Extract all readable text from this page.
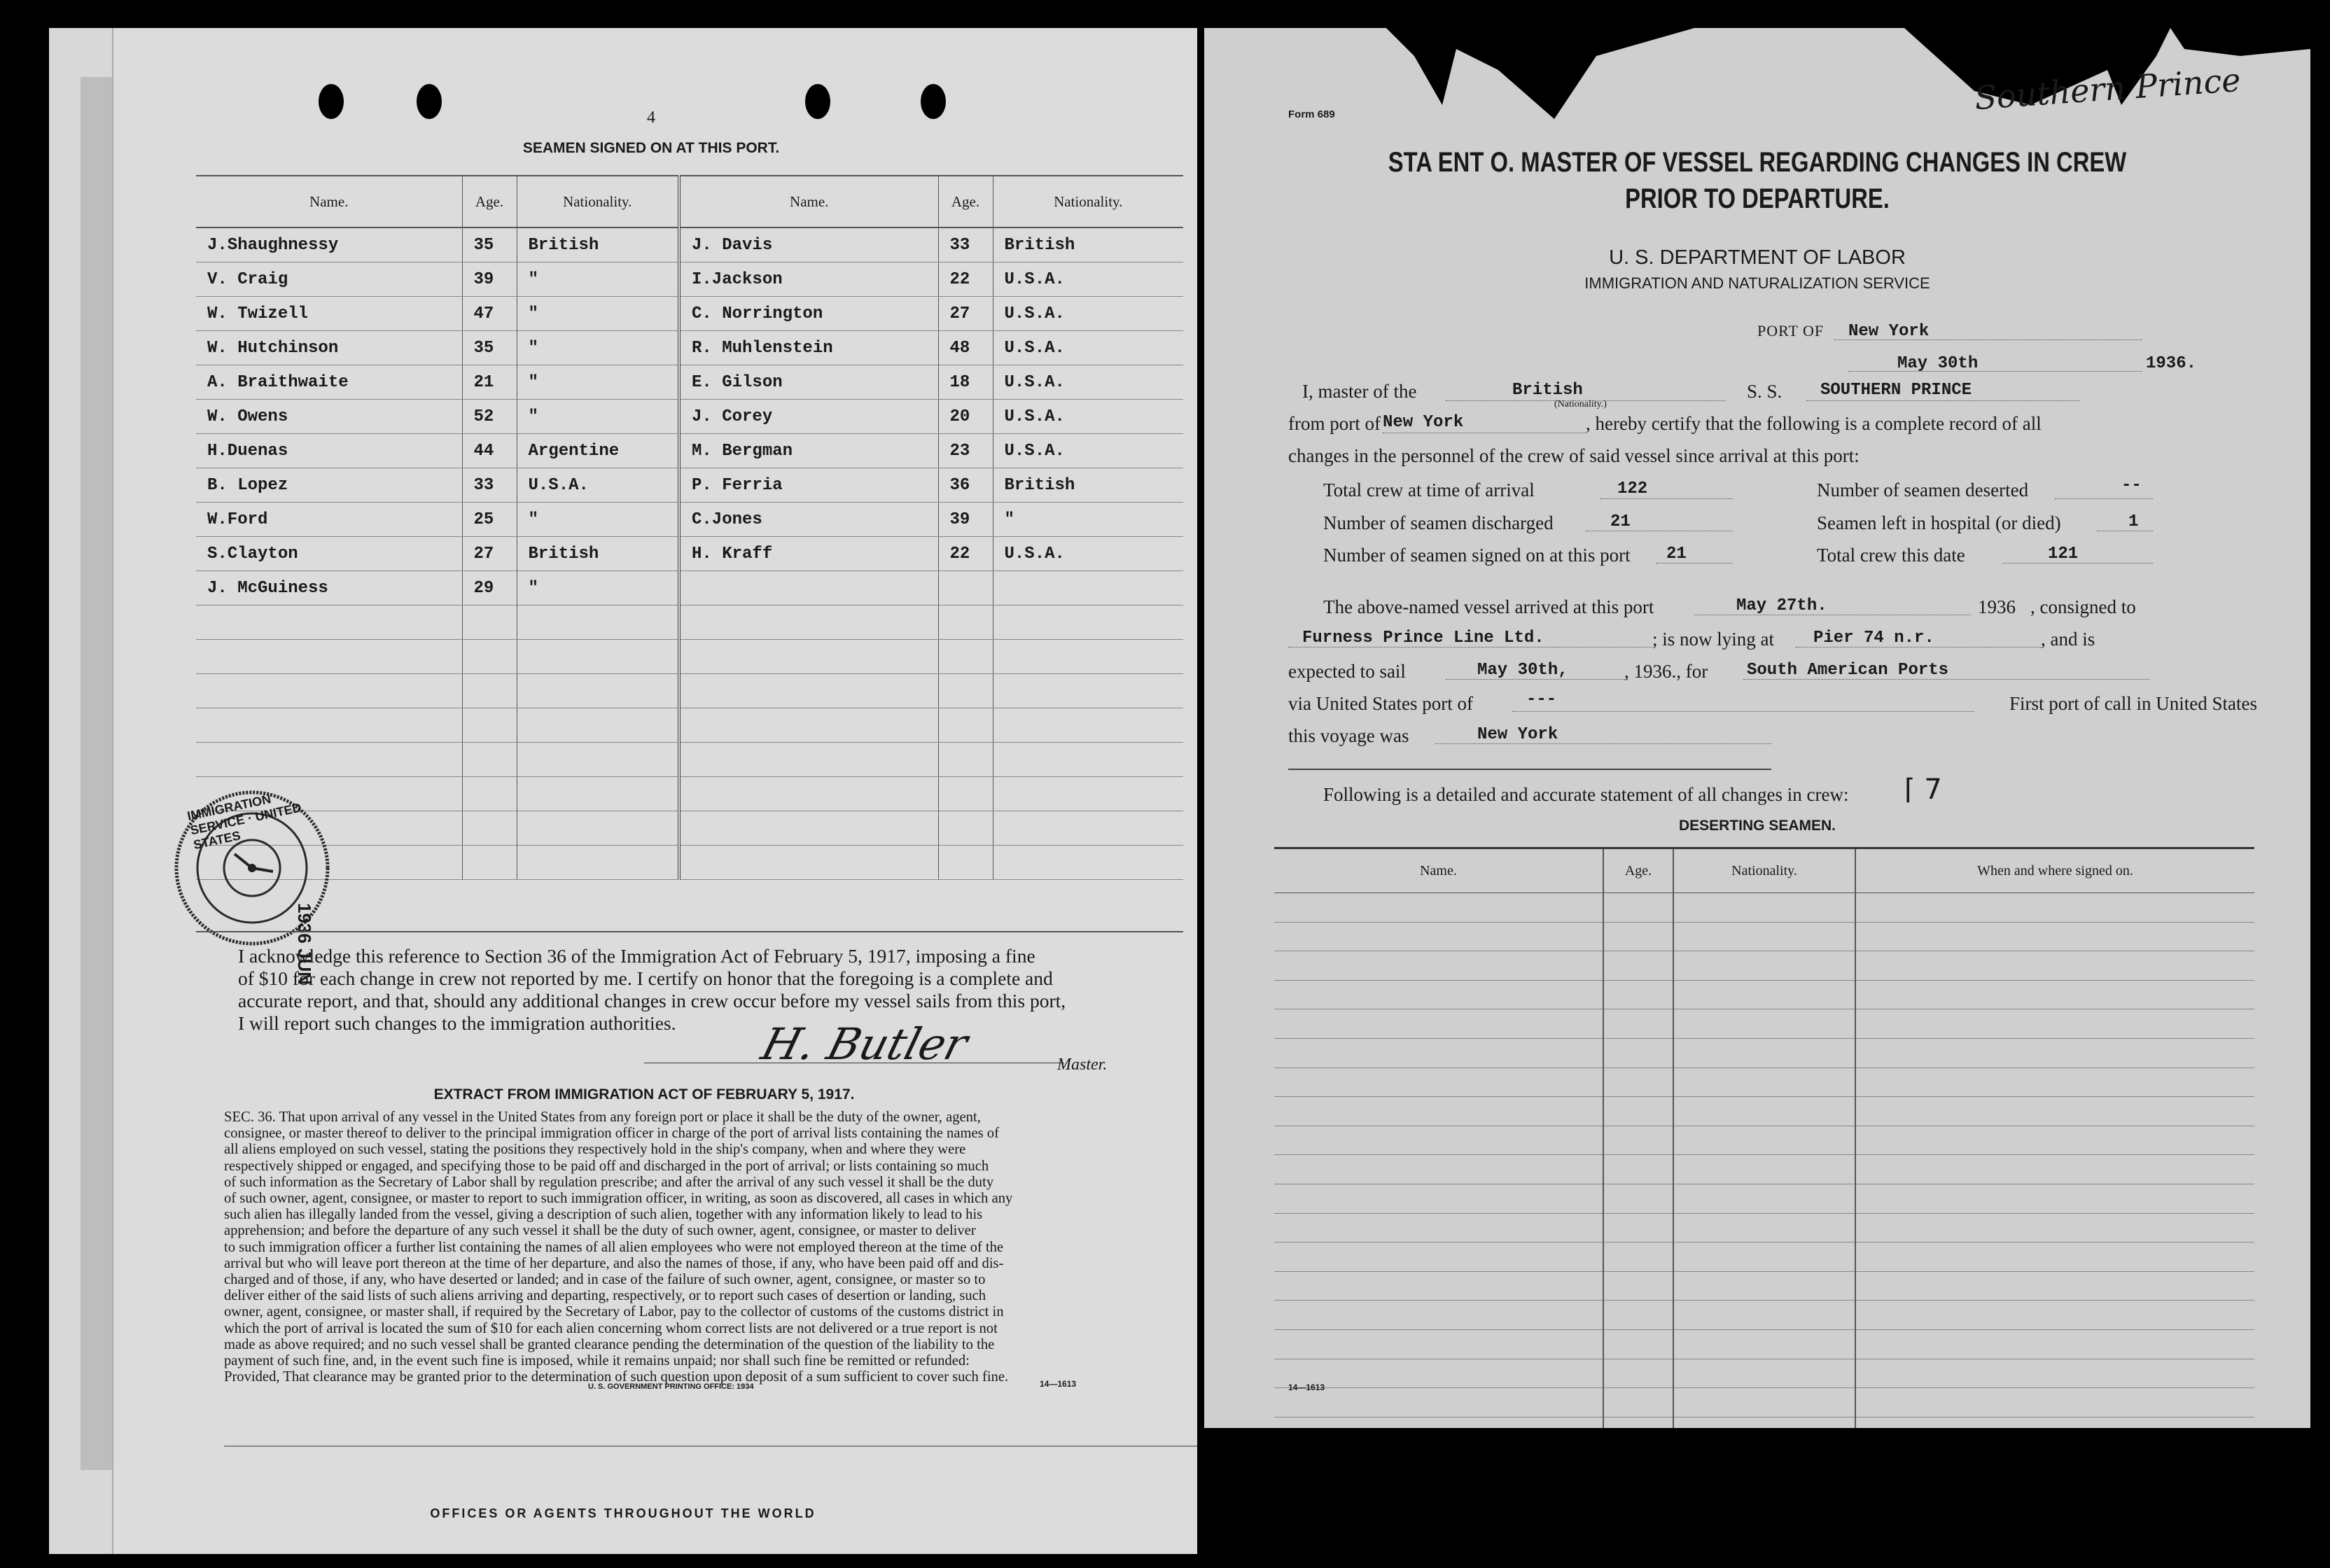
4
SEAMEN SIGNED ON AT THIS PORT.
Name.	Age.	Nationality.	Name.	Age.	Nationality.
J.Shaughnessy	35	British	J. Davis	33	British
V. Craig	39	"	I.Jackson	22	U.S.A.
W. Twizell	47	"	C. Norrington	27	U.S.A.
W. Hutchinson	35	"	R. Muhlenstein	48	U.S.A.
A. Braithwaite	21	"	E. Gilson	18	U.S.A.
W. Owens	52	"	J. Corey	20	U.S.A.
H.Duenas	44	Argentine	M. Bergman	23	U.S.A.
B. Lopez	33	U.S.A.	P. Ferria	36	British
W.Ford	25	"	C.Jones	39	"
S.Clayton	27	British	H. Kraff	22	U.S.A.
J. McGuiness	29	"			

IMMIGRATION SERVICE · UNITED STATES
1936 JUN
I acknowledge this reference to Section 36 of the Immigration Act of February 5, 1917, imposing a fine
of $10 for each change in crew not reported by me. I certify on honor that the foregoing is a complete and
accurate report, and that, should any additional changes in crew occur before my vessel sails from this port,
I will report such changes to the immigration authorities.	H. Butler	Master.
EXTRACT FROM IMMIGRATION ACT OF FEBRUARY 5, 1917.
SEC. 36. That upon arrival of any vessel in the United States from any foreign port or place it shall be the duty of the owner, agent,
consignee, or master thereof to deliver to the principal immigration officer in charge of the port of arrival lists containing the names of
all aliens employed on such vessel, stating the positions they respectively hold in the ship's company, when and where they were
respectively shipped or engaged, and specifying those to be paid off and discharged in the port of arrival; or lists containing so much
of such information as the Secretary of Labor shall by regulation prescribe; and after the arrival of any such vessel it shall be the duty
of such owner, agent, consignee, or master to report to such immigration officer, in writing, as soon as discovered, all cases in which any
such alien has illegally landed from the vessel, giving a description of such alien, together with any information likely to lead to his
apprehension; and before the departure of any such vessel it shall be the duty of such owner, agent, consignee, or master to deliver
to such immigration officer a further list containing the names of all alien employees who were not employed thereon at the time of the
arrival but who will leave port thereon at the time of her departure, and also the names of those, if any, who have been paid off and dis-
charged and of those, if any, who have deserted or landed; and in case of the failure of such owner, agent, consignee, or master so to
deliver either of the said lists of such aliens arriving and departing, respectively, or to report such cases of desertion or landing, such
owner, agent, consignee, or master shall, if required by the Secretary of Labor, pay to the collector of customs of the customs district in
which the port of arrival is located the sum of $10 for each alien concerning whom correct lists are not delivered or a true report is not
made as above required; and no such vessel shall be granted clearance pending the determination of the question of the liability to the
payment of such fine, and, in the event such fine is imposed, while it remains unpaid; nor shall such fine be remitted or refunded:
Provided, That clearance may be granted prior to the determination of such question upon deposit of a sum sufficient to cover such fine.
U. S. GOVERNMENT PRINTING OFFICE: 1934	14—1613
OFFICES OR AGENTS THROUGHOUT THE WORLD
Form 689	Southern Prince
STA ENT O. MASTER OF VESSEL REGARDING CHANGES IN CREW
PRIOR TO DEPARTURE.
U. S. DEPARTMENT OF LABOR
IMMIGRATION AND NATURALIZATION SERVICE
PORT OF New York
May 30th	1936.
I, master of the	British
(Nationality.)
S. S. SOUTHERN PRINCE
from port of New York	, hereby certify that the following is a complete record of all
changes in the personnel of the crew of said vessel since arrival at this port:
Total crew at time of arrival	122	Number of seamen deserted	--
Number of seamen discharged	21	Seamen left in hospital (or died)	1
Number of seamen signed on at this port 21	Total crew this date	121
The above-named vessel arrived at this port	May 27th.	1936 , consigned to
Furness Prince Line Ltd.	; is now lying at Pier 74 n.r.	, and is
expected to sail	May 30th,	, 1936., for South American Ports
via United States port of	---	First port of call in United States
this voyage was	New York
Following is a detailed and accurate statement of all changes in crew: ⌈ 7
DESERTING SEAMEN.
Name.	Age.	Nationality.	When and where signed on.

14—1613
